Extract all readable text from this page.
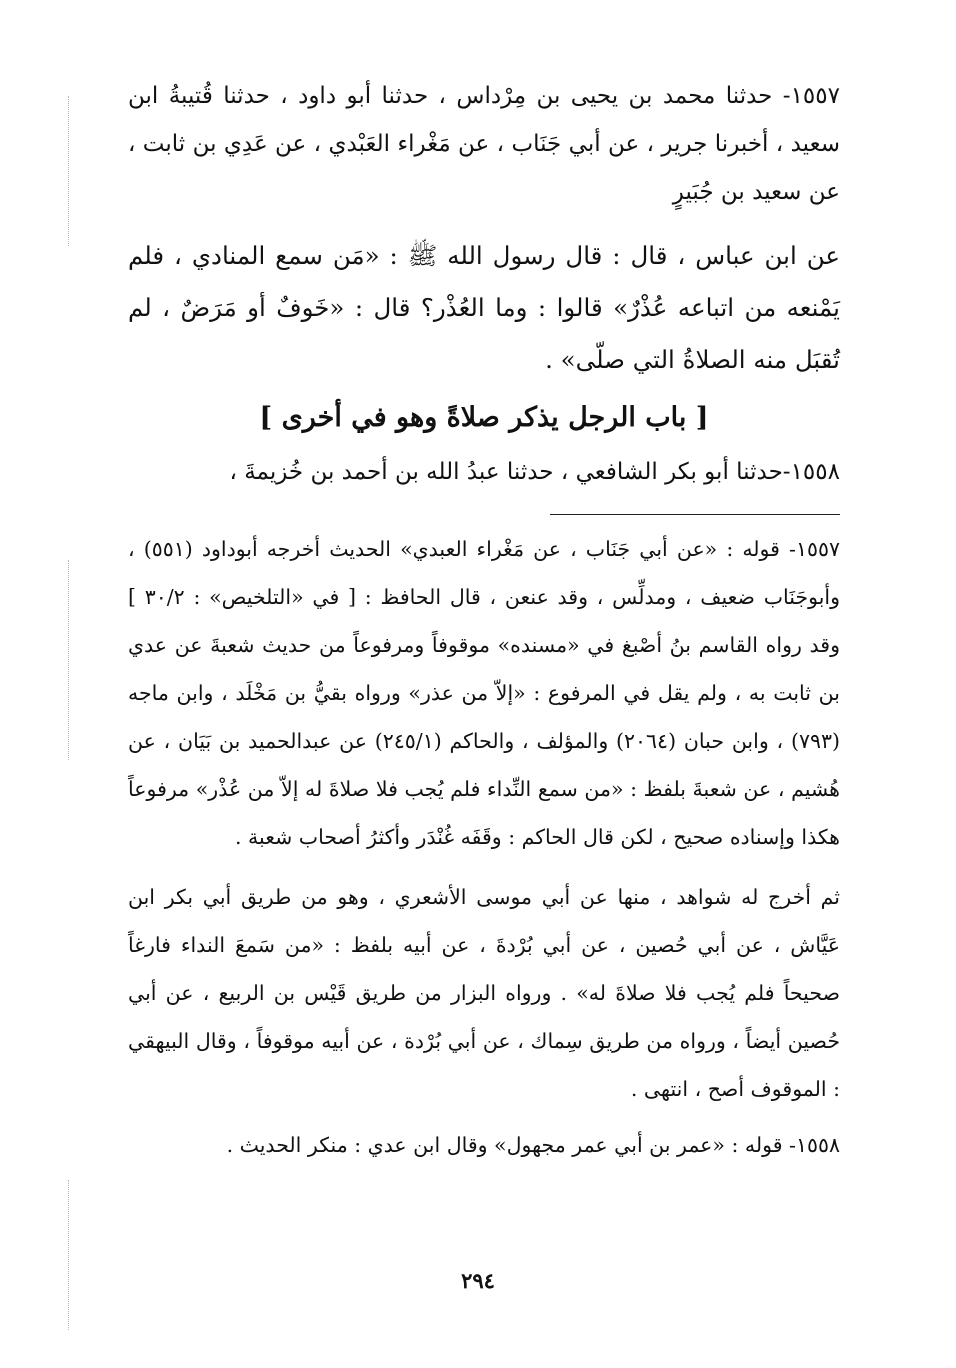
١٥٥٧- حدثنا محمد بن يحيى بن مِرْداس ، حدثنا أبو داود ، حدثنا قُتيبةُ ابن سعيد ، أخبرنا جرير ، عن أبي جَنَاب ، عن مَغْراء العَبْدي ، عن عَدِي بن ثابت ، عن سعيد بن جُبَيرٍ

عن ابن عباس ، قال : قال رسول الله ﷺ : «مَن سمع المنادي ، فلم يَمْنعه من اتباعه عُذْرٌ» قالوا : وما العُذْر؟ قال : «خَوفٌ أو مَرَضٌ ، لم تُقبَل منه الصلاةُ التي صلّى» .

[ باب الرجل يذكر صلاةً وهو في أخرى ]

١٥٥٨-حدثنا أبو بكر الشافعي ، حدثنا عبدُ الله بن أحمد بن خُزيمةَ ،

١٥٥٧- قوله : «عن أبي جَنَاب ، عن مَغْراء العبدي» الحديث أخرجه أبوداود (٥٥١) ، وأبوجَنَاب ضعيف ، ومدلِّس ، وقد عنعن ، قال الحافظ : [ في «التلخيص» : ٣٠/٢ ] وقد رواه القاسم بنُ أصْبغ في «مسنده» موقوفاً ومرفوعاً من حديث شعبةَ عن عدي بن ثابت به ، ولم يقل في المرفوع : «إلاّ من عذر» ورواه بقيُّ بن مَخْلَد ، وابن ماجه (٧٩٣) ، وابن حبان (٢٠٦٤) والمؤلف ، والحاكم (٢٤٥/١) عن عبدالحميد بن بَيَان ، عن هُشيم ، عن شعبةَ بلفظ : «من سمع النِّداء فلم يُجب فلا صلاةَ له إلاّ من عُذْر» مرفوعاً هكذا وإسناده صحيح ، لكن قال الحاكم : وقَفَه غُنْدَر وأكثرُ أصحاب شعبة .

ثم أخرج له شواهد ، منها عن أبي موسى الأشعري ، وهو من طريق أبي بكر ابن عَيَّاش ، عن أبي حُصين ، عن أبي بُرْدةَ ، عن أبيه بلفظ : «من سَمعَ النداء فارغاً صحيحاً فلم يُجب فلا صلاةَ له» . ورواه البزار من طريق قَيْس بن الربيع ، عن أبي حُصين أيضاً ، ورواه من طريق سِماك ، عن أبي بُرْدة ، عن أبيه موقوفاً ، وقال البيهقي : الموقوف أصح ، انتهى .

١٥٥٨- قوله : «عمر بن أبي عمر مجهول» وقال ابن عدي : منكر الحديث .

٢٩٤
